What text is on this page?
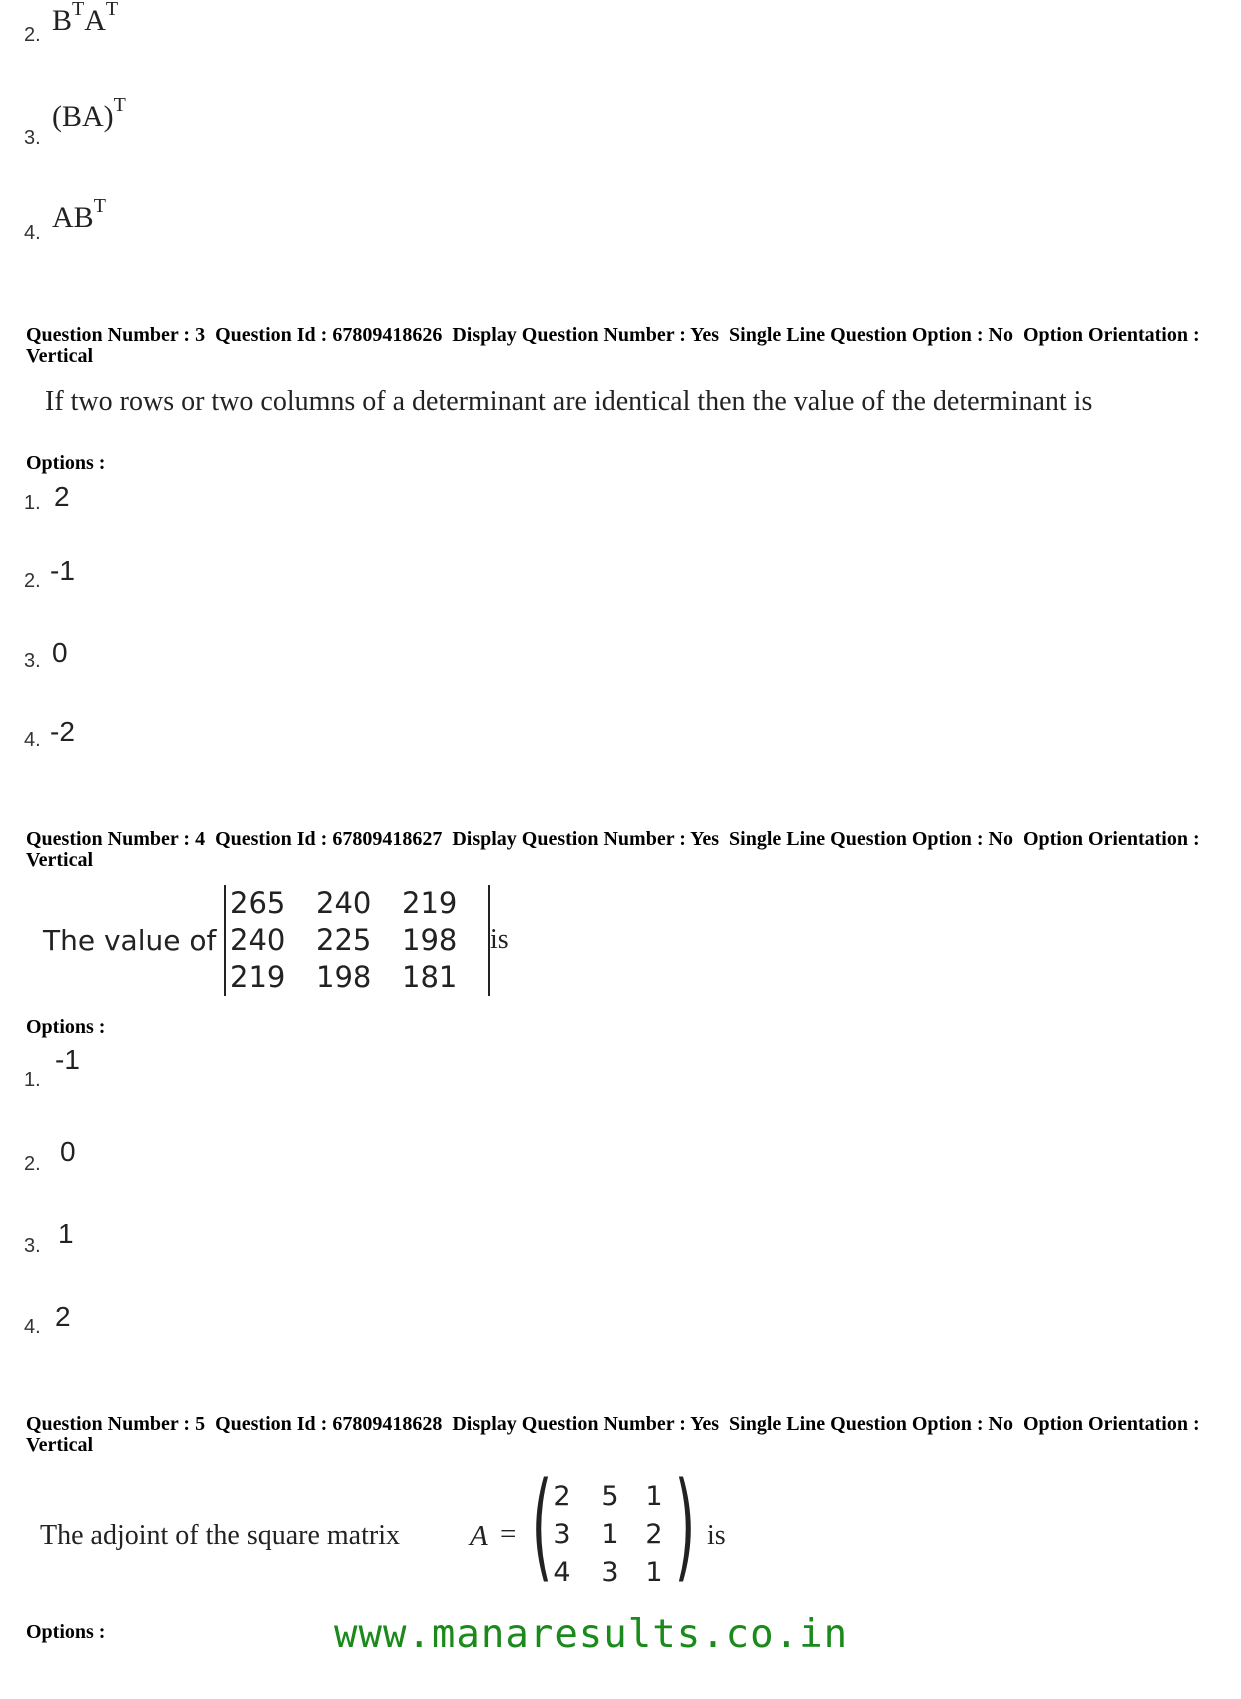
2. $B^TA^T$
3.
(BA)$^T$
4. $AB^T$
Question Number : 3  Question Id : 67809418626  Display Question Number : Yes  Single Line Question Option : No  Option Orientation : Vertical
If two rows or two columns of a determinant are identical then the value of the determinant is
Options :
1. 2
2. -1
3. 0
4. -2
Question Number : 4  Question Id : 67809418627  Display Question Number : Yes  Single Line Question Option : No  Option Orientation : Vertical
The value of
265	240	219
240	225	198
219	198	181
is
Options :
1.
-1
2. 0
3. 1
4. 2
Question Number : 5  Question Id : 67809418628  Display Question Number : Yes  Single Line Question Option : No  Option Orientation : Vertical
The adjoint of the square matrix A = ( 2	5 1
3	1 2
4	3 1 ) is
Options :	www.manaresults.co.in
